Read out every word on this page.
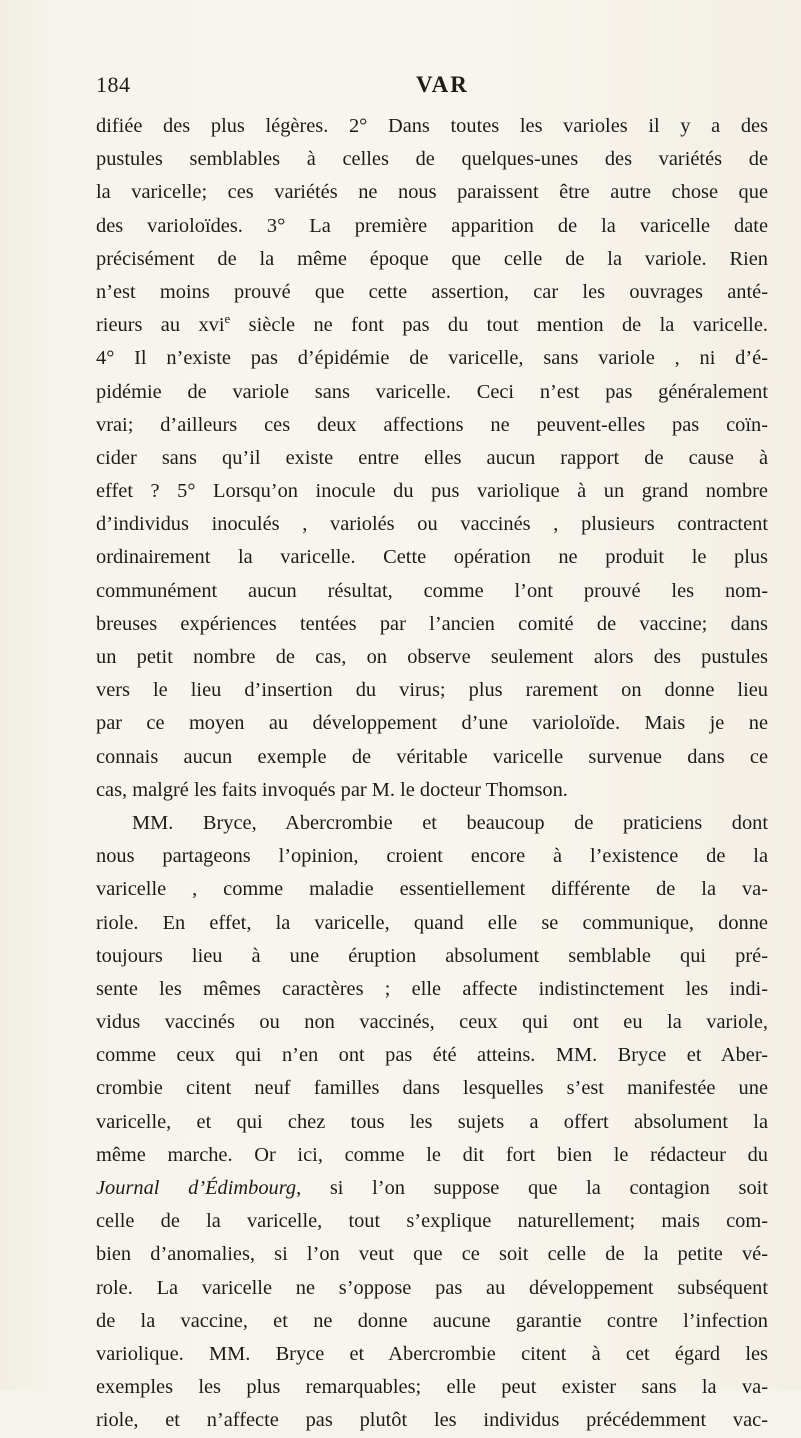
184	VAR
difiée des plus légères. 2° Dans toutes les varioles il y a des
pustules semblables à celles de quelques-unes des variétés de
la varicelle; ces variétés ne nous paraissent être autre chose que
des varioloïdes. 3° La première apparition de la varicelle date
précisément de la même époque que celle de la variole. Rien
n’est moins prouvé que cette assertion, car les ouvrages anté-
rieurs au xvi$^e$ siècle ne font pas du tout mention de la varicelle.
4° Il n’existe pas d’épidémie de varicelle, sans variole , ni d’é-
pidémie de variole sans varicelle. Ceci n’est pas généralement
vrai; d’ailleurs ces deux affections ne peuvent-elles pas coïn-
cider sans qu’il existe entre elles aucun rapport de cause à
effet ? 5° Lorsqu’on inocule du pus variolique à un grand nombre
d’individus inoculés , variolés ou vaccinés , plusieurs contractent
ordinairement la varicelle. Cette opération ne produit le plus
communément aucun résultat, comme l’ont prouvé les nom-
breuses expériences tentées par l’ancien comité de vaccine; dans
un petit nombre de cas, on observe seulement alors des pustules
vers le lieu d’insertion du virus; plus rarement on donne lieu
par ce moyen au développement d’une varioloïde. Mais je ne
connais aucun exemple de véritable varicelle survenue dans ce
cas, malgré les faits invoqués par M. le docteur Thomson.
MM. Bryce, Abercrombie et beaucoup de praticiens dont
nous partageons l’opinion, croient encore à l’existence de la
varicelle , comme maladie essentiellement différente de la va-
riole. En effet, la varicelle, quand elle se communique, donne
toujours lieu à une éruption absolument semblable qui pré-
sente les mêmes caractères ; elle affecte indistinctement les indi-
vidus vaccinés ou non vaccinés, ceux qui ont eu la variole,
comme ceux qui n’en ont pas été atteins. MM. Bryce et Aber-
crombie citent neuf familles dans lesquelles s’est manifestée une
varicelle, et qui chez tous les sujets a offert absolument la
même marche. Or ici, comme le dit fort bien le rédacteur du
Journal d’Édimbourg, si l’on suppose que la contagion soit
celle de la varicelle, tout s’explique naturellement; mais com-
bien d’anomalies, si l’on veut que ce soit celle de la petite vé-
role. La varicelle ne s’oppose pas au développement subséquent
de la vaccine, et ne donne aucune garantie contre l’infection
variolique. MM. Bryce et Abercrombie citent à cet égard les
exemples les plus remarquables; elle peut exister sans la va-
riole, et n’affecte pas plutôt les individus précédemment vac-
